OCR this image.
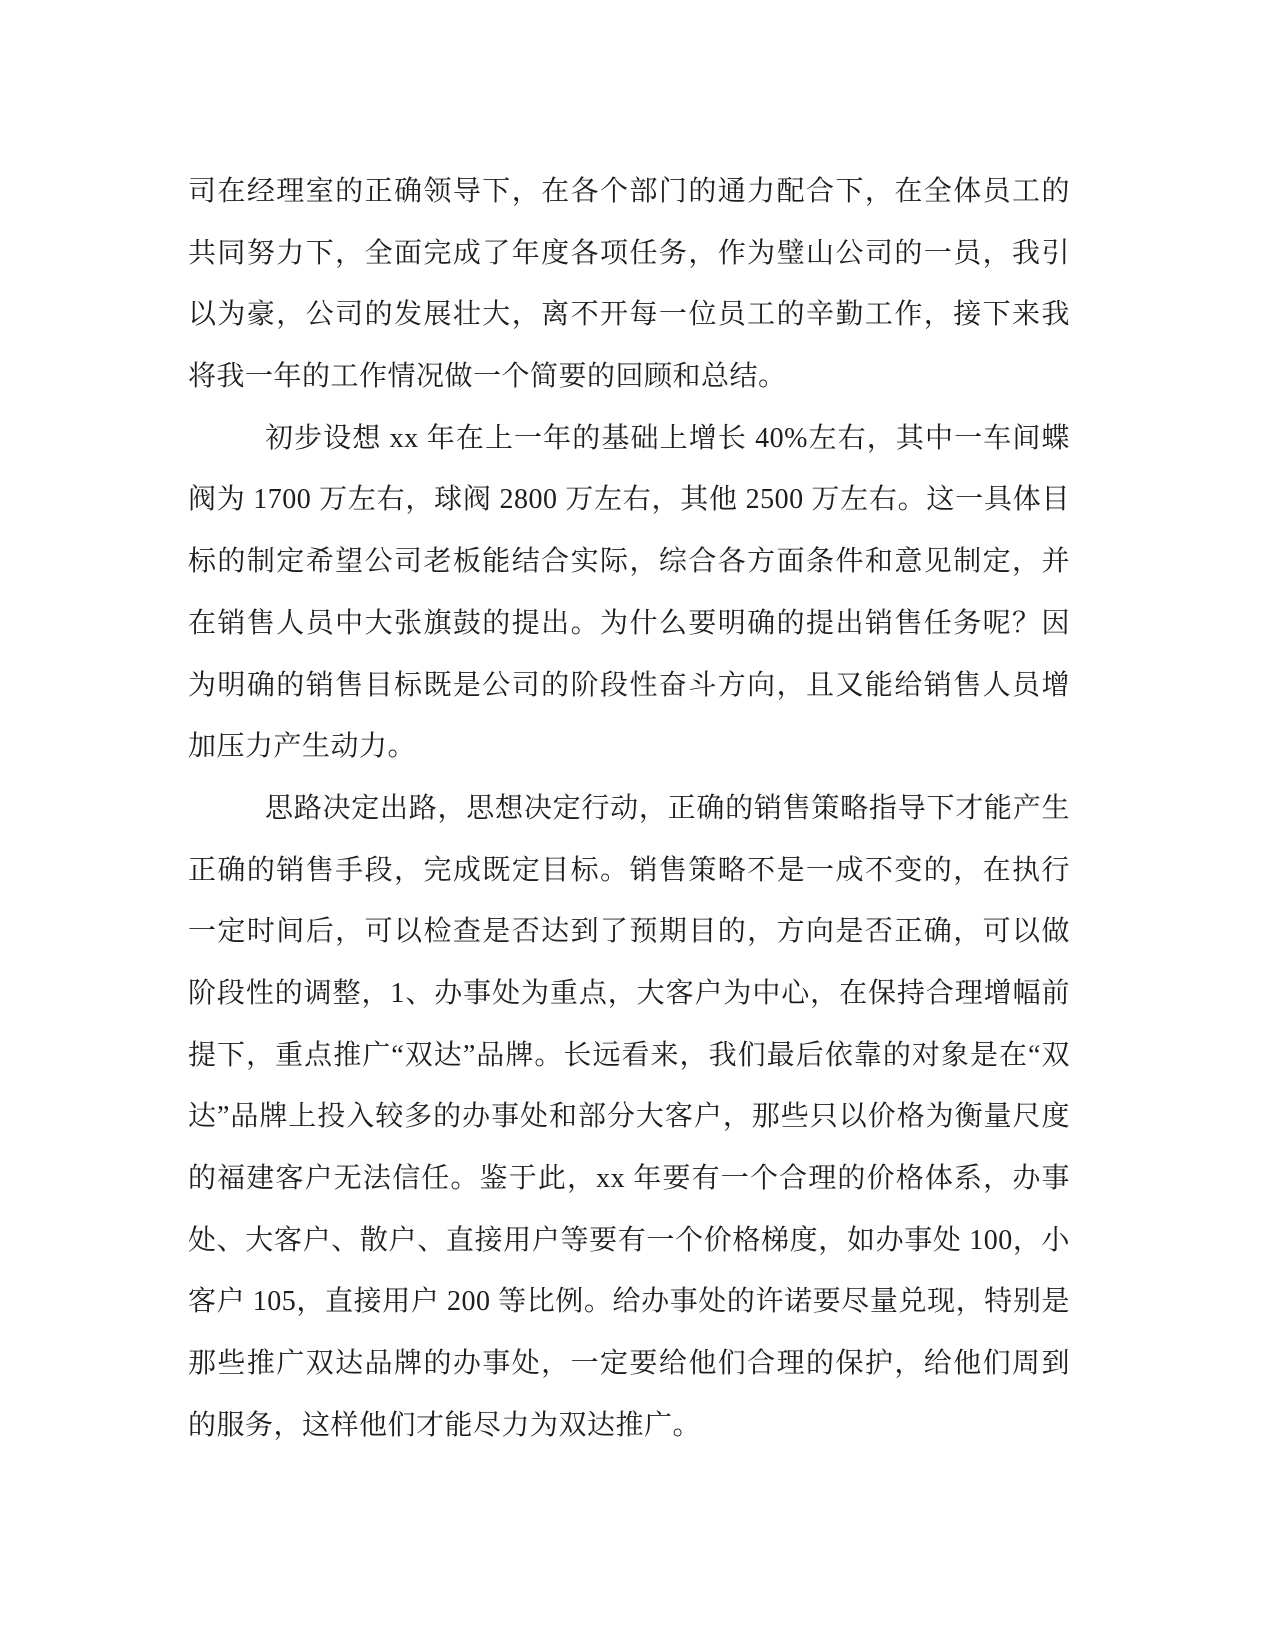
司在经理室的正确领导下，在各个部门的通力配合下，在全体员工的
共同努力下，全面完成了年度各项任务，作为璧山公司的一员，我引
以为豪，公司的发展壮大，离不开每一位员工的辛勤工作，接下来我
将我一年的工作情况做一个简要的回顾和总结。
初步设想 xx 年在上一年的基础上增长 40%左右，其中一车间蝶
阀为 1700 万左右，球阀 2800 万左右，其他 2500 万左右。这一具体目
标的制定希望公司老板能结合实际，综合各方面条件和意见制定，并
在销售人员中大张旗鼓的提出。为什么要明确的提出销售任务呢？因
为明确的销售目标既是公司的阶段性奋斗方向，且又能给销售人员增
加压力产生动力。
思路决定出路，思想决定行动，正确的销售策略指导下才能产生
正确的销售手段，完成既定目标。销售策略不是一成不变的，在执行
一定时间后，可以检查是否达到了预期目的，方向是否正确，可以做
阶段性的调整，1、办事处为重点，大客户为中心，在保持合理增幅前
提下，重点推广“双达”品牌。长远看来，我们最后依靠的对象是在“双
达”品牌上投入较多的办事处和部分大客户，那些只以价格为衡量尺度
的福建客户无法信任。鉴于此，xx 年要有一个合理的价格体系，办事
处、大客户、散户、直接用户等要有一个价格梯度，如办事处 100，小
客户 105，直接用户 200 等比例。给办事处的许诺要尽量兑现，特别是
那些推广双达品牌的办事处，一定要给他们合理的保护，给他们周到
的服务，这样他们才能尽力为双达推广。
